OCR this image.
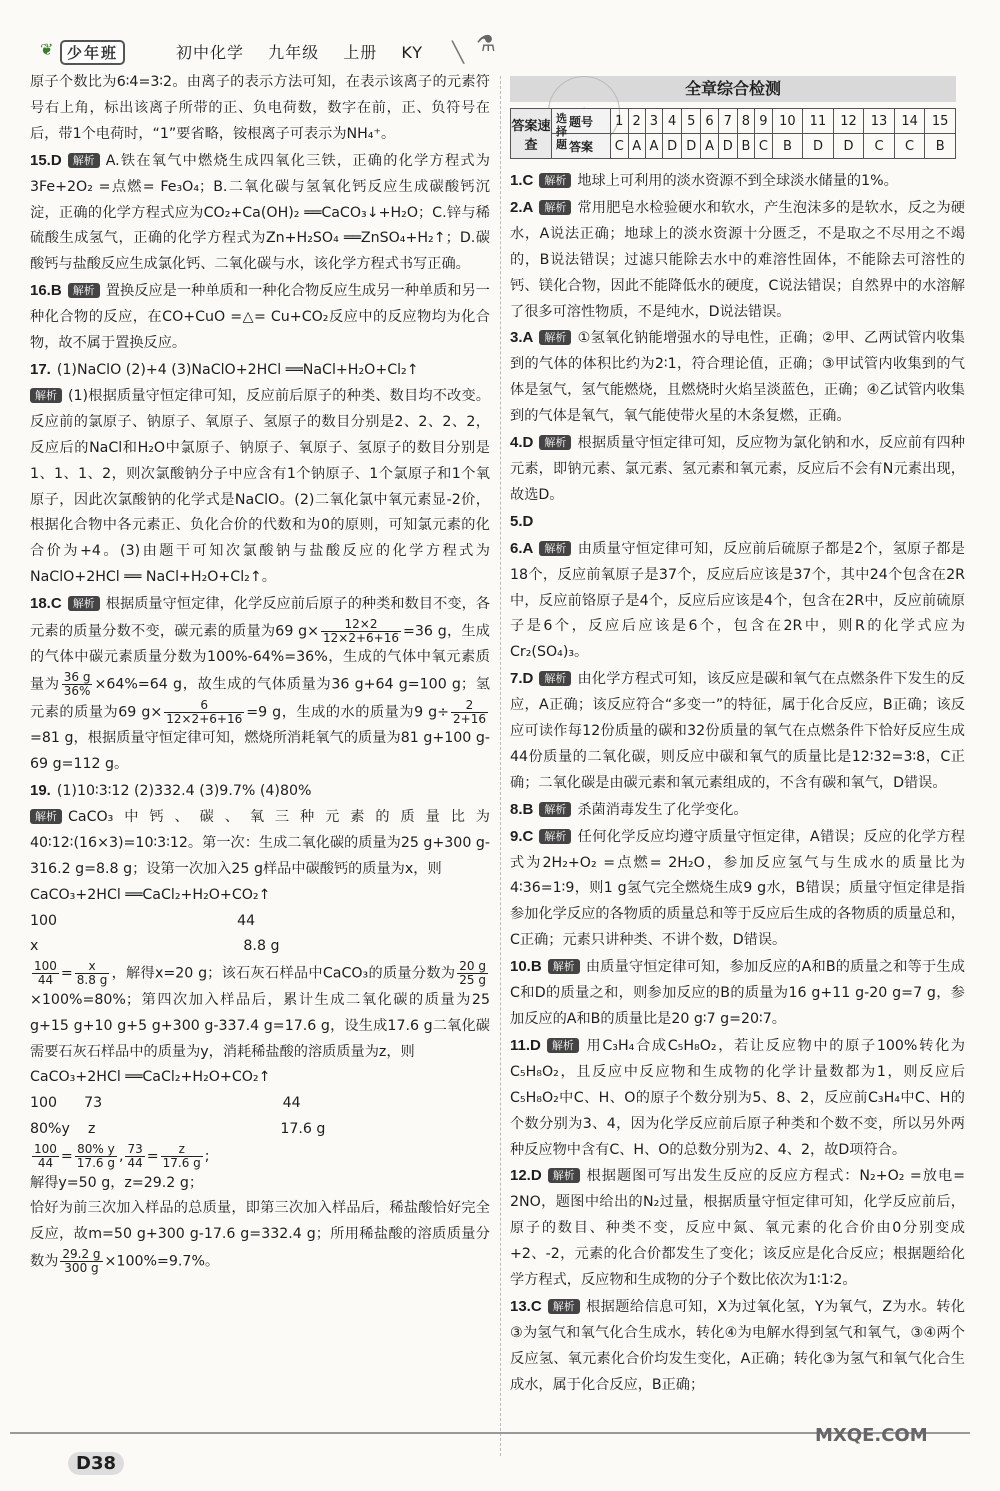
❦ 少年班	初中化学 九年级 上册 KY	╲ ⚗

原子个数比为6∶4=3∶2。由离子的表示方法可知，在表示该离子的元素符号右上角，标出该离子所带的正、负电荷数，数字在前，正、负符号在后，带1个电荷时，“1”要省略，铵根离子可表示为NH₄⁺。

15.D 解析 A.铁在氧气中燃烧生成四氧化三铁，正确的化学方程式为3Fe+2O₂ =点燃= Fe₃O₄；B.二氧化碳与氢氧化钙反应生成碳酸钙沉淀，正确的化学方程式应为CO₂+Ca(OH)₂ ══CaCO₃↓+H₂O；C.锌与稀硫酸生成氢气，正确的化学方程式为Zn+H₂SO₄ ══ZnSO₄+H₂↑；D.碳酸钙与盐酸反应生成氯化钙、二氧化碳与水，该化学方程式书写正确。

16.B 解析 置换反应是一种单质和一种化合物反应生成另一种单质和另一种化合物的反应，在CO+CuO =△= Cu+CO₂反应中的反应物均为化合物，故不属于置换反应。

17. (1)NaClO (2)+4 (3)NaClO+2HCl ══NaCl+H₂O+Cl₂↑

解析 (1)根据质量守恒定律可知，反应前后原子的种类、数目均不改变。反应前的氯原子、钠原子、氧原子、氢原子的数目分别是2、2、2、2，反应后的NaCl和H₂O中氯原子、钠原子、氧原子、氢原子的数目分别是1、1、1、2，则次氯酸钠分子中应含有1个钠原子、1个氯原子和1个氧原子，因此次氯酸钠的化学式是NaClO。(2)二氧化氯中氧元素显-2价，根据化合物中各元素正、负化合价的代数和为0的原则，可知氯元素的化合价为+4。(3)由题干可知次氯酸钠与盐酸反应的化学方程式为NaClO+2HCl ══ NaCl+H₂O+Cl₂↑。

18.C 解析 根据质量守恒定律，化学反应前后原子的种类和数目不变，各元素的质量分数不变，碳元素的质量为69 $g\times \frac{12\times 2}{12\times 2+6+16} =36$ g，生成的气体中碳元素质量分数为100%-64%=36%，生成的气体中氧元素质量为 $\frac{36 g}{36\%} \times 64\%=64$ g，故生成的气体质量为36 g+64 g=100 g；氢元素的质量为69 $g\times \frac{6}{12\times 2+6+16} =9$ g，生成的水的质量为9 $g\div \frac{2}{2+16}$
=81 g，根据质量守恒定律可知，燃烧所消耗氧气的质量为81 g+100 g-69 g=112 g。

19. (1)10∶3∶12 (2)332.4 (3)9.7% (4)80%

解析 CaCO₃中钙、碳、氧三种元素的质量比为40∶12∶(16×3)=10∶3∶12。第一次：生成二氧化碳的质量为25 g+300 g-316.2 g=8.8 g；设第一次加入25 g样品中碳酸钙的质量为x，则

CaCO₃+2HCl ══CaCl₂+H₂O+CO₂↑

100	44

x	8.8 g

$\frac{100}{44} = \frac{x}{8.8 g}$ ，解得x=20 g；该石灰石样品中CaCO₃的质量分数为 $\frac{20 g}{25 g}$
×100%=80%；第四次加入样品后，累计生成二氧化碳的质量为25 g+15 g+10 g+5 g+300 g-337.4 g=17.6 g，设生成17.6 g二氧化碳需要石灰石样品中的质量为y，消耗稀盐酸的溶质质量为z，则

CaCO₃+2HCl ══CaCl₂+H₂O+CO₂↑

100      73                                        44

80%y    z                                         17.6 g

$\frac{100}{44} = \frac{80\% y}{17.6 g}$ , $\frac{73}{44} = \frac{z}{17.6 g}$ ;

解得y=50 g，z=29.2 g；

恰好为前三次加入样品的总质量，即第三次加入样品后，稀盐酸恰好完全反应，故m=50 g+300 g-17.6 g=332.4 g；所用稀盐酸的溶质质量分数为 $\frac{29.2 g}{300 g} \times 100\%=9.7\%$。

全章综合检测
答案速查	题号	1	2	3	4	5	6	7	8	9	10	11	12	13	14	15
	答案	C	A	A	D	D	A	D	B	C	B	D	D	C	C	B
选择题

1.C 解析 地球上可利用的淡水资源不到全球淡水储量的1%。

2.A 解析 常用肥皂水检验硬水和软水，产生泡沫多的是软水，反之为硬水，A说法正确；地球上的淡水资源十分匮乏，不是取之不尽用之不竭的，B说法错误；过滤只能除去水中的难溶性固体，不能除去可溶性的钙、镁化合物，因此不能降低水的硬度，C说法错误；自然界中的水溶解了很多可溶性物质，不是纯水，D说法错误。

3.A 解析 ①氢氧化钠能增强水的导电性，正确；②甲、乙两试管内收集到的气体的体积比约为2∶1，符合理论值，正确；③甲试管内收集到的气体是氢气，氢气能燃烧，且燃烧时火焰呈淡蓝色，正确；④乙试管内收集到的气体是氧气，氧气能使带火星的木条复燃，正确。

4.D 解析 根据质量守恒定律可知，反应物为氯化钠和水，反应前有四种元素，即钠元素、氯元素、氢元素和氧元素，反应后不会有N元素出现，故选D。

5.D

6.A 解析 由质量守恒定律可知，反应前后硫原子都是2个，氢原子都是18个，反应前氧原子是37个，反应后应该是37个，其中24个包含在2R中，反应前铬原子是4个，反应后应该是4个，包含在2R中，反应前硫原子是6个，反应后应该是6个，包含在2R中，则R的化学式应为Cr₂(SO₄)₃。

7.D 解析 由化学方程式可知，该反应是碳和氧气在点燃条件下发生的反应，A正确；该反应符合“多变一”的特征，属于化合反应，B正确；该反应可读作每12份质量的碳和32份质量的氧气在点燃条件下恰好反应生成44份质量的二氧化碳，则反应中碳和氧气的质量比是12∶32=3∶8，C正确；二氧化碳是由碳元素和氧元素组成的，不含有碳和氧气，D错误。

8.B 解析 杀菌消毒发生了化学变化。

9.C 解析 任何化学反应均遵守质量守恒定律，A错误；反应的化学方程式为2H₂+O₂ =点燃= 2H₂O，参加反应氢气与生成水的质量比为4∶36=1∶9，则1 g氢气完全燃烧生成9 g水，B错误；质量守恒定律是指参加化学反应的各物质的质量总和等于反应后生成的各物质的质量总和，C正确；元素只讲种类、不讲个数，D错误。

10.B 解析 由质量守恒定律可知，参加反应的A和B的质量之和等于生成C和D的质量之和，则参加反应的B的质量为16 g+11 g-20 g=7 g，参加反应的A和B的质量比是20 g∶7 g=20∶7。

11.D 解析 用C₃H₄合成C₅H₈O₂，若让反应物中的原子100%转化为C₅H₈O₂，且反应中反应物和生成物的化学计量数都为1，则反应后C₅H₈O₂中C、H、O的原子个数分别为5、8、2，反应前C₃H₄中C、H的个数分别为3、4，因为化学反应前后原子种类和个数不变，所以另外两种反应物中含有C、H、O的总数分别为2、4、2，故D项符合。

12.D 解析 根据题图可写出发生反应的反应方程式：N₂+O₂ =放电= 2NO，题图中给出的N₂过量，根据质量守恒定律可知，化学反应前后，原子的数目、种类不变，反应中氮、氧元素的化合价由0分别变成+2、-2，元素的化合价都发生了变化；该反应是化合反应；根据题给化学方程式，反应物和生成物的分子个数比依次为1∶1∶2。

13.C 解析 根据题给信息可知，X为过氧化氢，Y为氧气，Z为水。转化③为氢气和氧气化合生成水，转化④为电解水得到氢气和氧气，③④两个反应氢、氧元素化合价均发生变化，A正确；转化③为氢气和氧气化合生成水，属于化合反应，B正确；

D38
MXQE.COM
